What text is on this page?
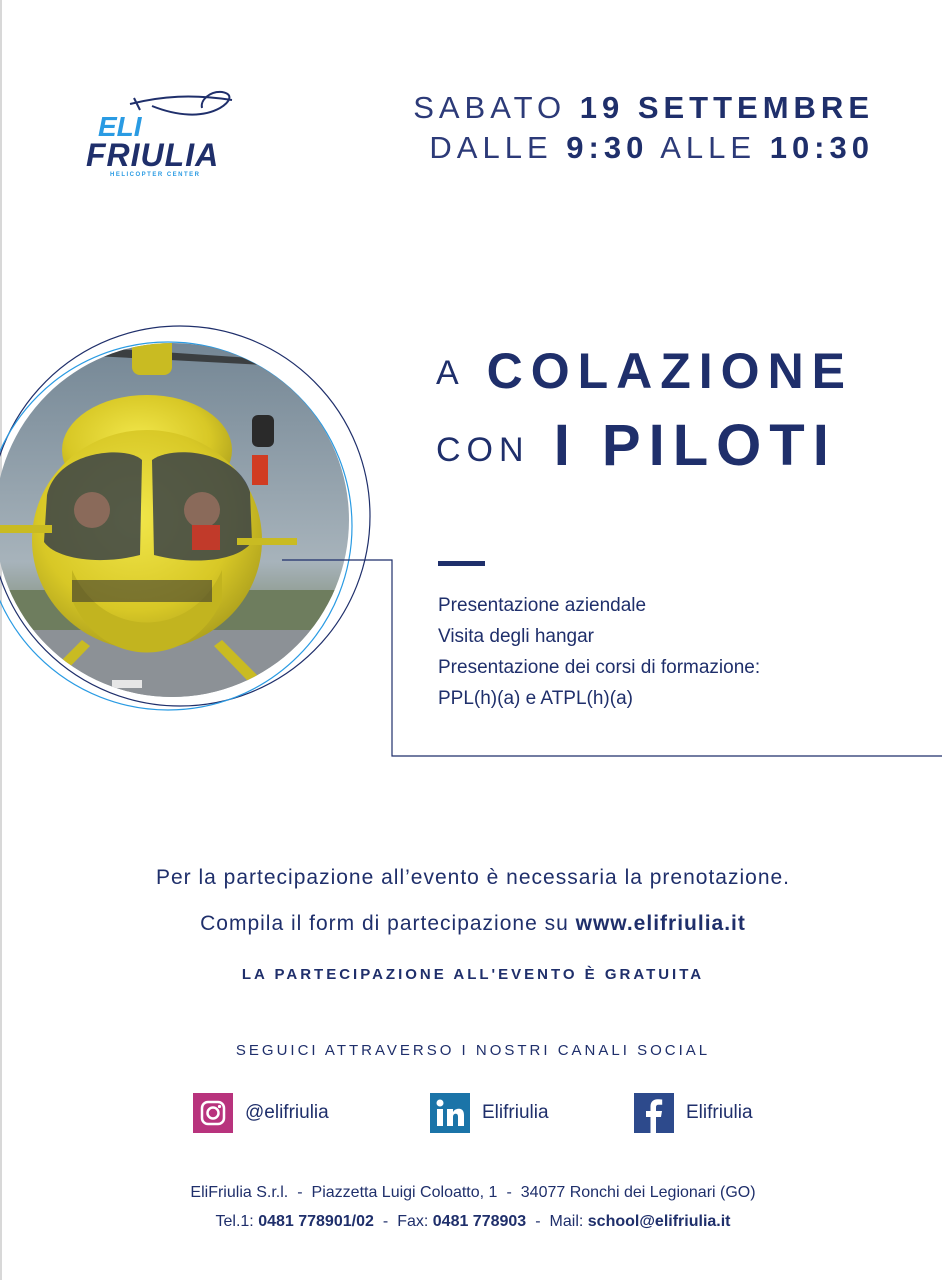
ELI
FRIULIA
HELICOPTER CENTER
SABATO 19 SETTEMBRE
DALLE 9:30 ALLE 10:30
A COLAZIONE
CON I PILOTI
Presentazione aziendale
Visita degli hangar
Presentazione dei corsi di formazione:
PPL(h)(a) e ATPL(h)(a)
Per la partecipazione all’evento è necessaria la prenotazione.
Compila il form di partecipazione su www.elifriulia.it
LA PARTECIPAZIONE ALL'EVENTO È GRATUITA
SEGUICI ATTRAVERSO I NOSTRI CANALI SOCIAL
@elifriulia	Elifriulia	Elifriulia
EliFriulia S.r.l. - Piazzetta Luigi Coloatto, 1 - 34077 Ronchi dei Legionari (GO)
Tel.1: 0481 778901/02 - Fax: 0481 778903 - Mail: school@elifriulia.it
